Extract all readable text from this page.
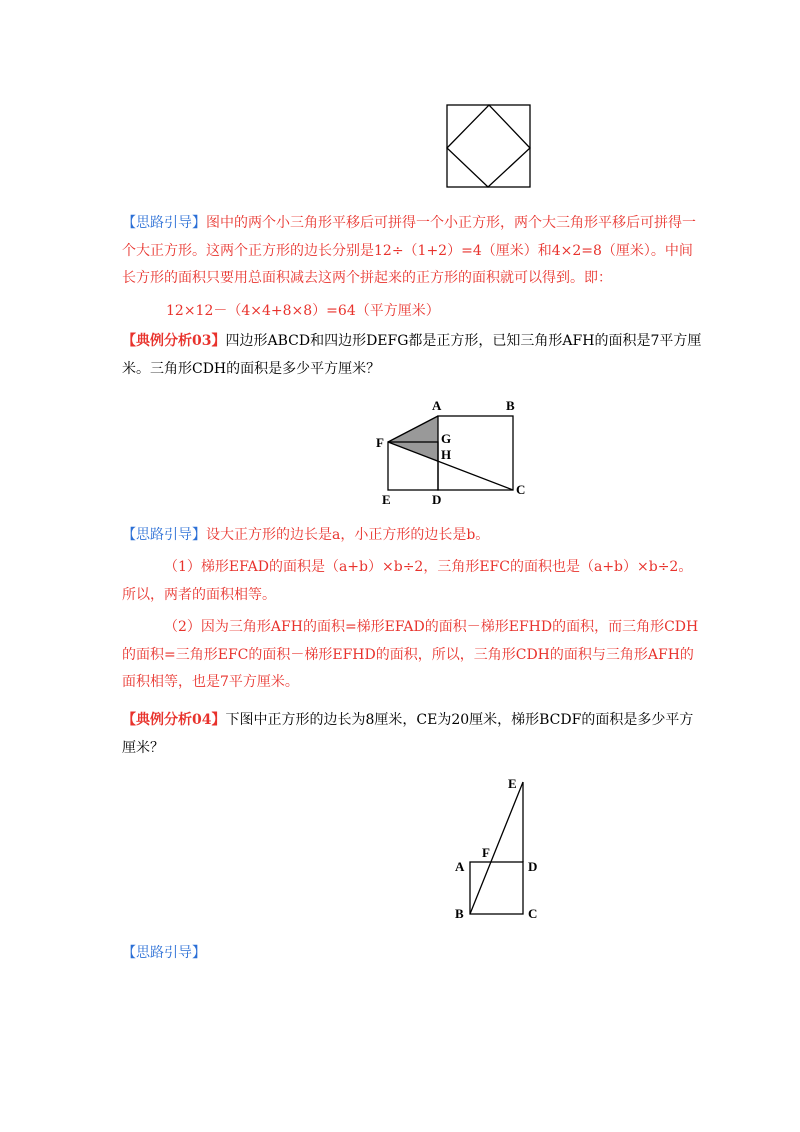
【思路引导】图中的两个小三角形平移后可拼得一个小正方形，两个大三角形平移后可拼得一个大正方形。这两个正方形的边长分别是12÷（1+2）=4（厘米）和4×2=8（厘米）。中间长方形的面积只要用总面积减去这两个拼起来的正方形的面积就可以得到。即：

12×12－（4×4+8×8）=64（平方厘米）

【典例分析03】四边形ABCD和四边形DEFG都是正方形，已知三角形AFH的面积是7平方厘米。三角形CDH的面积是多少平方厘米？

A	B
C
D
E
F	G
H

【思路引导】设大正方形的边长是a，小正方形的边长是b。

（1）梯形EFAD的面积是（a+b）×b÷2，三角形EFC的面积也是（a+b）×b÷2。所以，两者的面积相等。

（2）因为三角形AFH的面积=梯形EFAD的面积－梯形EFHD的面积，而三角形CDH的面积=三角形EFC的面积－梯形EFHD的面积，所以，三角形CDH的面积与三角形AFH的面积相等，也是7平方厘米。

【典例分析04】下图中正方形的边长为8厘米，CE为20厘米，梯形BCDF的面积是多少平方厘米？

E
F
A	D
B	C

【思路引导】
